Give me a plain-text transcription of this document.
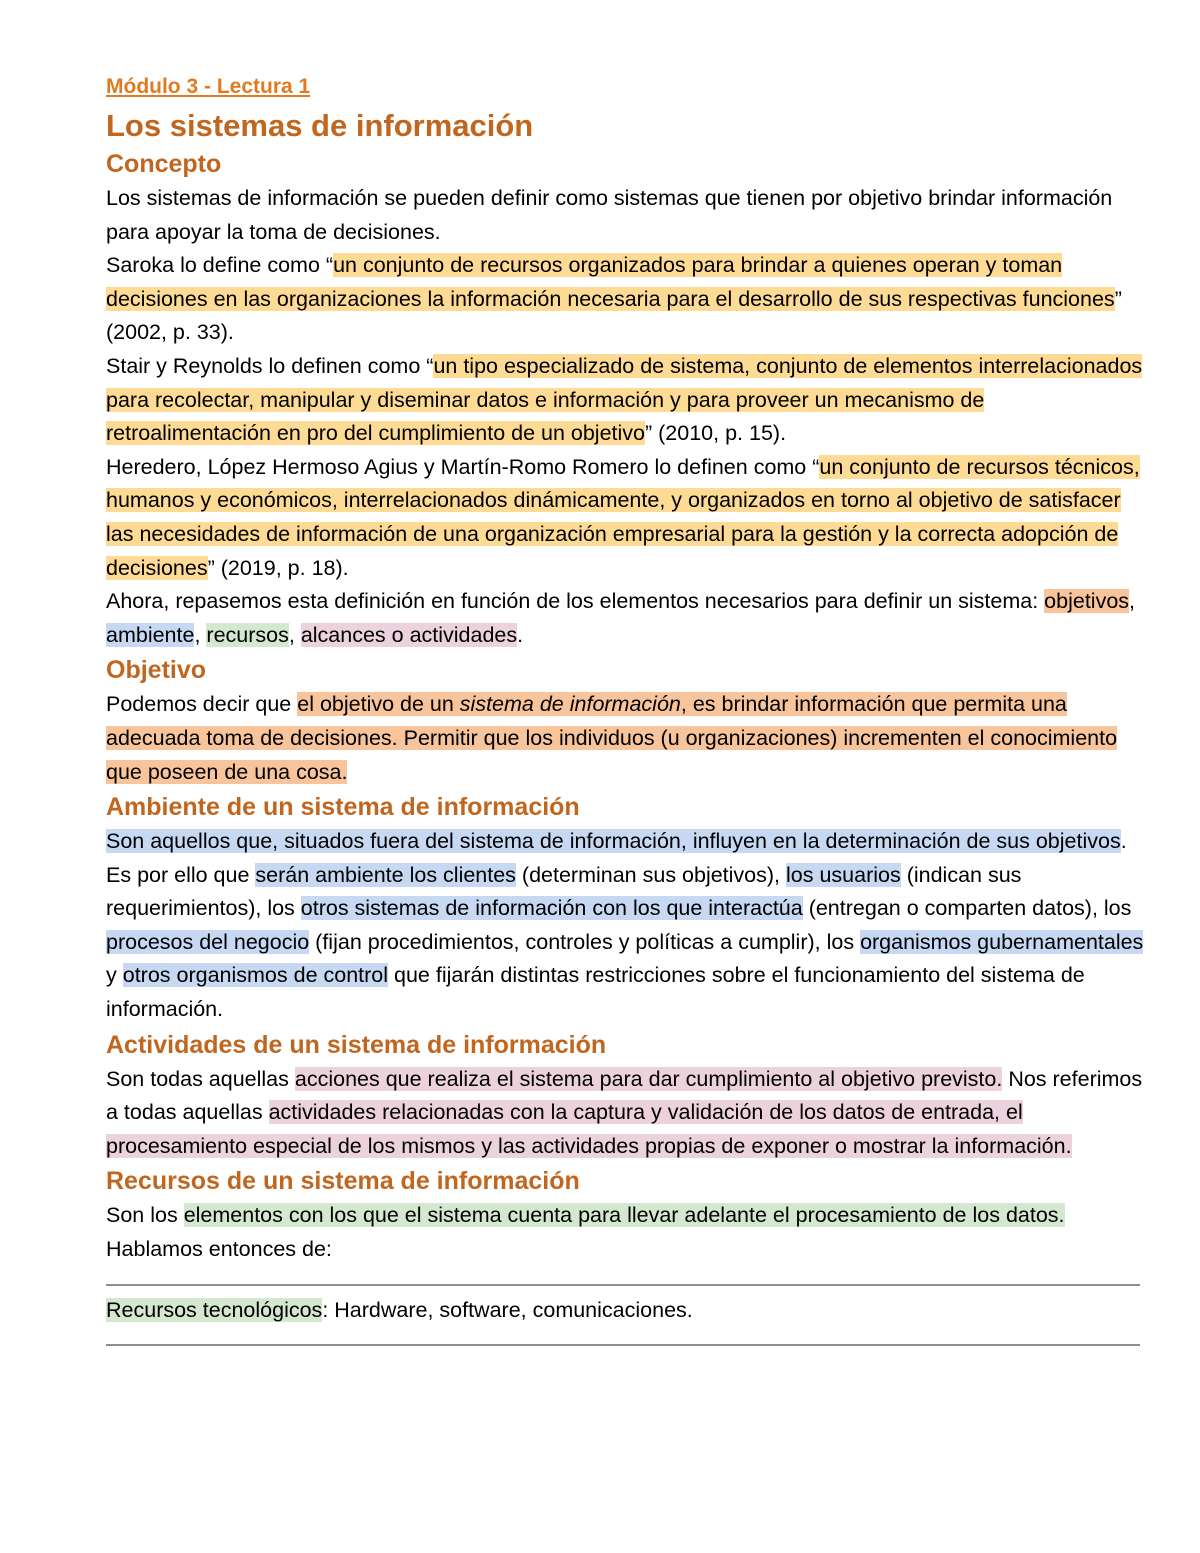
Módulo 3 - Lectura 1
Los sistemas de información
Concepto

Los sistemas de información se pueden definir como sistemas que tienen por objetivo brindar información para apoyar la toma de decisiones.

Saroka lo define como “un conjunto de recursos organizados para brindar a quienes operan y toman decisiones en las organizaciones la información necesaria para el desarrollo de sus respectivas funciones” (2002, p. 33).

Stair y Reynolds lo definen como “un tipo especializado de sistema, conjunto de elementos interrelacionados para recolectar, manipular y diseminar datos e información y para proveer un mecanismo de retroalimentación en pro del cumplimiento de un objetivo” (2010, p. 15).

Heredero, López Hermoso Agius y Martín-Romo Romero lo definen como “un conjunto de recursos técnicos, humanos y económicos, interrelacionados dinámicamente, y organizados en torno al objetivo de satisfacer las necesidades de información de una organización empresarial para la gestión y la correcta adopción de decisiones” (2019, p. 18).

Ahora, repasemos esta definición en función de los elementos necesarios para definir un sistema: objetivos, ambiente, recursos, alcances o actividades.

Objetivo

Podemos decir que el objetivo de un sistema de información, es brindar información que permita una adecuada toma de decisiones. Permitir que los individuos (u organizaciones) incrementen el conocimiento que poseen de una cosa.

Ambiente de un sistema de información

Son aquellos que, situados fuera del sistema de información, influyen en la determinación de sus objetivos. Es por ello que serán ambiente los clientes (determinan sus objetivos), los usuarios (indican sus requerimientos), los otros sistemas de información con los que interactúa (entregan o comparten datos), los procesos del negocio (fijan procedimientos, controles y políticas a cumplir), los organismos gubernamentales y otros organismos de control que fijarán distintas restricciones sobre el funcionamiento del sistema de información.

Actividades de un sistema de información

Son todas aquellas acciones que realiza el sistema para dar cumplimiento al objetivo previsto. Nos referimos a todas aquellas actividades relacionadas con la captura y validación de los datos de entrada, el procesamiento especial de los mismos y las actividades propias de exponer o mostrar la información.

Recursos de un sistema de información

Son los elementos con los que el sistema cuenta para llevar adelante el procesamiento de los datos. Hablamos entonces de:

Recursos tecnológicos: Hardware, software, comunicaciones.
